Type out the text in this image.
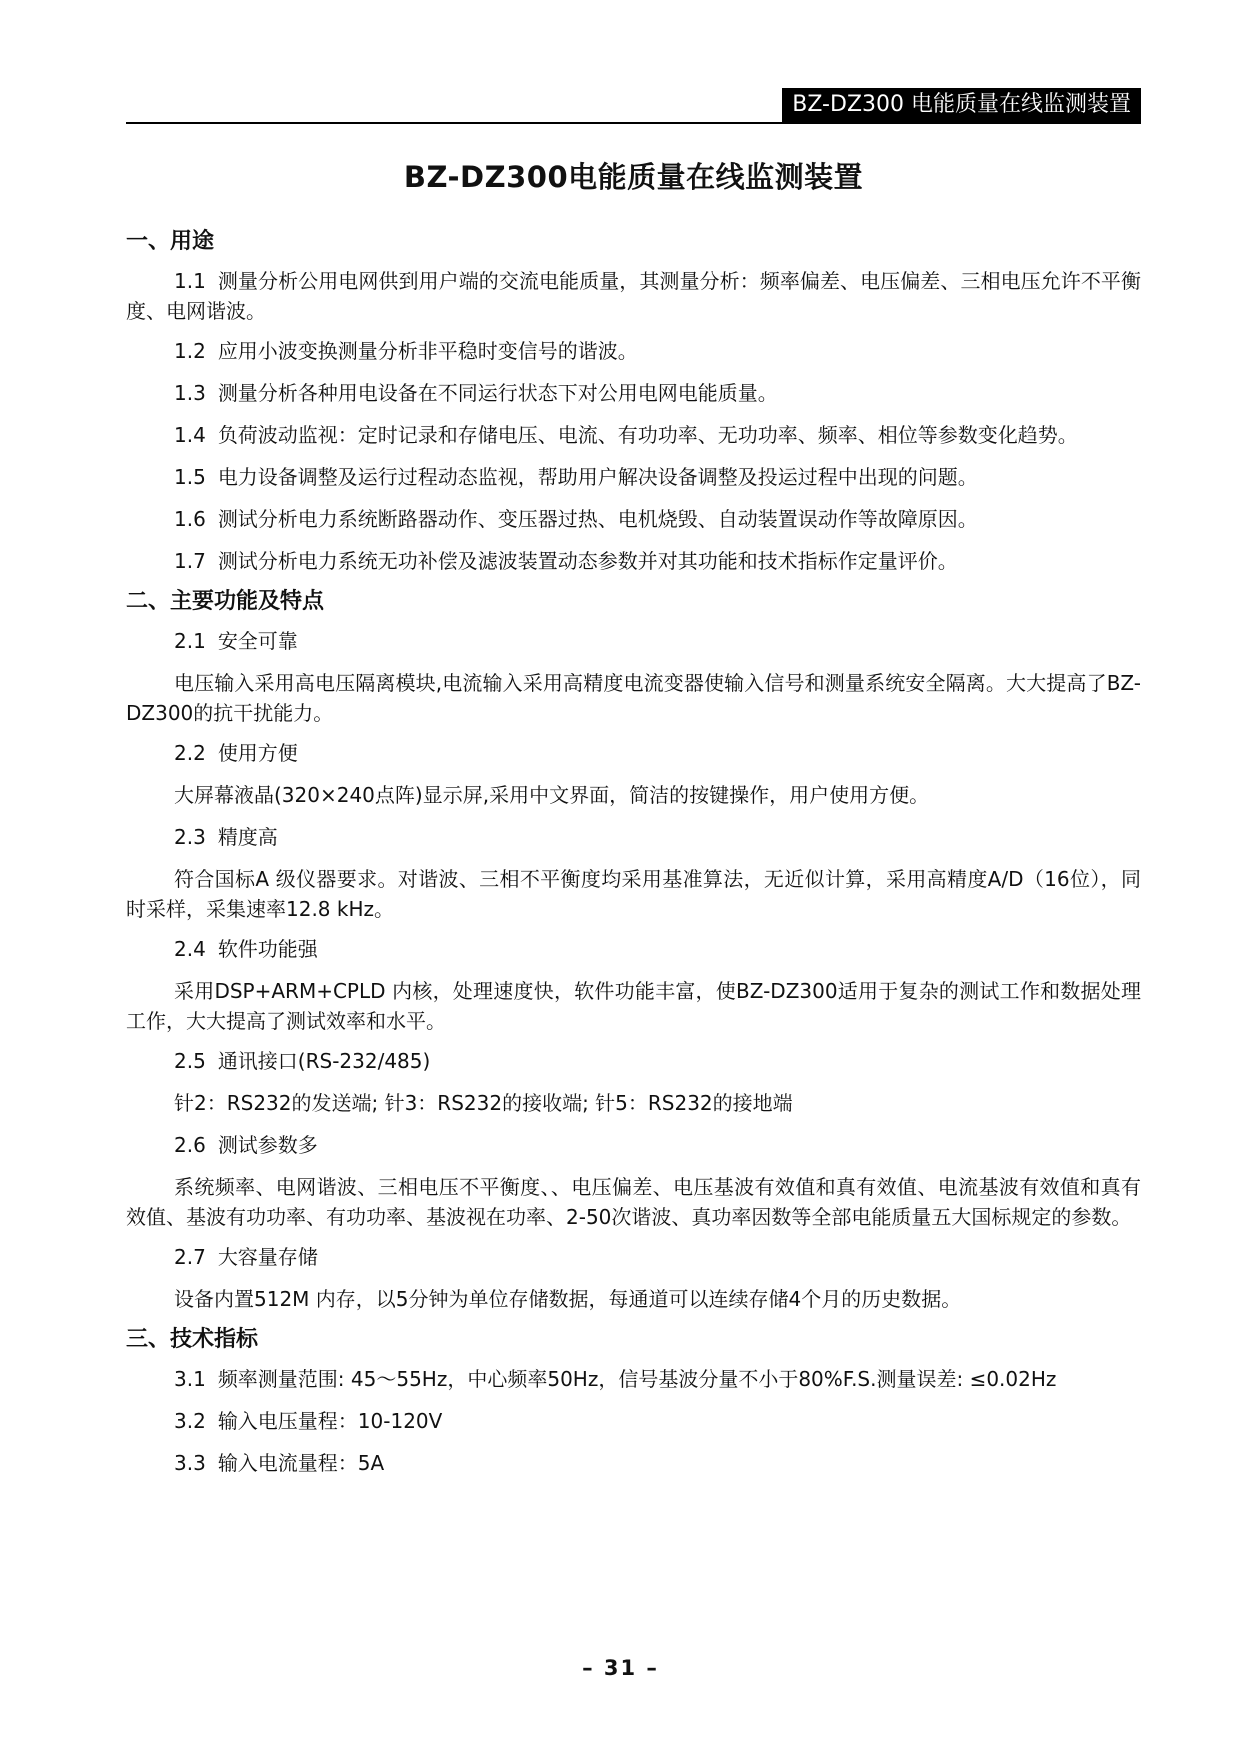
BZ-DZ300 电能质量在线监测装置
BZ-DZ300电能质量在线监测装置
一、用途

1.1 测量分析公用电网供到用户端的交流电能质量，其测量分析：频率偏差、电压偏差、三相电压允许不平衡度、电网谐波。

1.2 应用小波变换测量分析非平稳时变信号的谐波。

1.3 测量分析各种用电设备在不同运行状态下对公用电网电能质量。

1.4 负荷波动监视：定时记录和存储电压、电流、有功功率、无功功率、频率、相位等参数变化趋势。

1.5 电力设备调整及运行过程动态监视，帮助用户解决设备调整及投运过程中出现的问题。

1.6 测试分析电力系统断路器动作、变压器过热、电机烧毁、自动装置误动作等故障原因。

1.7 测试分析电力系统无功补偿及滤波装置动态参数并对其功能和技术指标作定量评价。

二、主要功能及特点

2.1 安全可靠

电压输入采用高电压隔离模块,电流输入采用高精度电流变器使输入信号和测量系统安全隔离。大大提高了BZ-DZ300的抗干扰能力。

2.2 使用方便

大屏幕液晶(320×240点阵)显示屏,采用中文界面，简洁的按键操作，用户使用方便。

2.3 精度高

符合国标A 级仪器要求。对谐波、三相不平衡度均采用基准算法，无近似计算，采用高精度A/D（16位），同时采样，采集速率12.8 kHz。

2.4 软件功能强

采用DSP+ARM+CPLD 内核，处理速度快，软件功能丰富，使BZ-DZ300适用于复杂的测试工作和数据处理工作，大大提高了测试效率和水平。

2.5 通讯接口(RS-232/485)

针2：RS232的发送端; 针3：RS232的接收端; 针5：RS232的接地端

2.6 测试参数多

系统频率、电网谐波、三相电压不平衡度、、电压偏差、电压基波有效值和真有效值、电流基波有效值和真有效值、基波有功功率、有功功率、基波视在功率、2-50次谐波、真功率因数等全部电能质量五大国标规定的参数。

2.7 大容量存储

设备内置512M 内存，以5分钟为单位存储数据，每通道可以连续存储4个月的历史数据。

三、技术指标

3.1 频率测量范围: 45～55Hz，中心频率50Hz，信号基波分量不小于80%F.S.测量误差: ≤0.02Hz

3.2 输入电压量程：10-120V

3.3 输入电流量程：5A

– 31 –
